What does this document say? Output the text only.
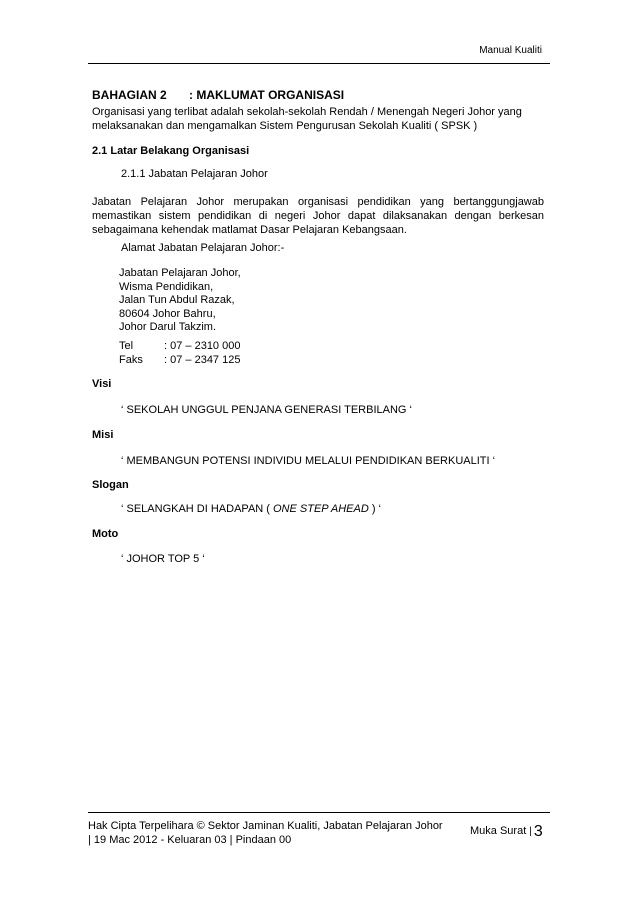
Manual Kualiti
BAHAGIAN 2 : MAKLUMAT ORGANISASI
Organisasi yang terlibat adalah sekolah-sekolah Rendah / Menengah Negeri Johor yang
melaksanakan dan mengamalkan Sistem Pengurusan Sekolah Kualiti ( SPSK )
2.1 Latar Belakang Organisasi
2.1.1 Jabatan Pelajaran Johor
Jabatan Pelajaran Johor merupakan organisasi pendidikan yang bertanggungjawab
memastikan sistem pendidikan di negeri Johor dapat dilaksanakan dengan berkesan
sebagaimana kehendak matlamat Dasar Pelajaran Kebangsaan.
Alamat Jabatan Pelajaran Johor:-
Jabatan Pelajaran Johor,
Wisma Pendidikan,
Jalan Tun Abdul Razak,
80604 Johor Bahru,
Johor Darul Takzim.
Tel	: 07 – 2310 000
Faks : 07 – 2347 125
Visi
‘ SEKOLAH UNGGUL PENJANA GENERASI TERBILANG ‘
Misi
‘ MEMBANGUN POTENSI INDIVIDU MELALUI PENDIDIKAN BERKUALITI ‘
Slogan
‘ SELANGKAH DI HADAPAN ( ONE STEP AHEAD ) ‘
Moto
‘ JOHOR TOP 5 ‘
Hak Cipta Terpelihara © Sektor Jaminan Kualiti, Jabatan Pelajaran Johor
| 19 Mac 2012 - Keluaran 03 | Pindaan 00
Muka Surat | 3
